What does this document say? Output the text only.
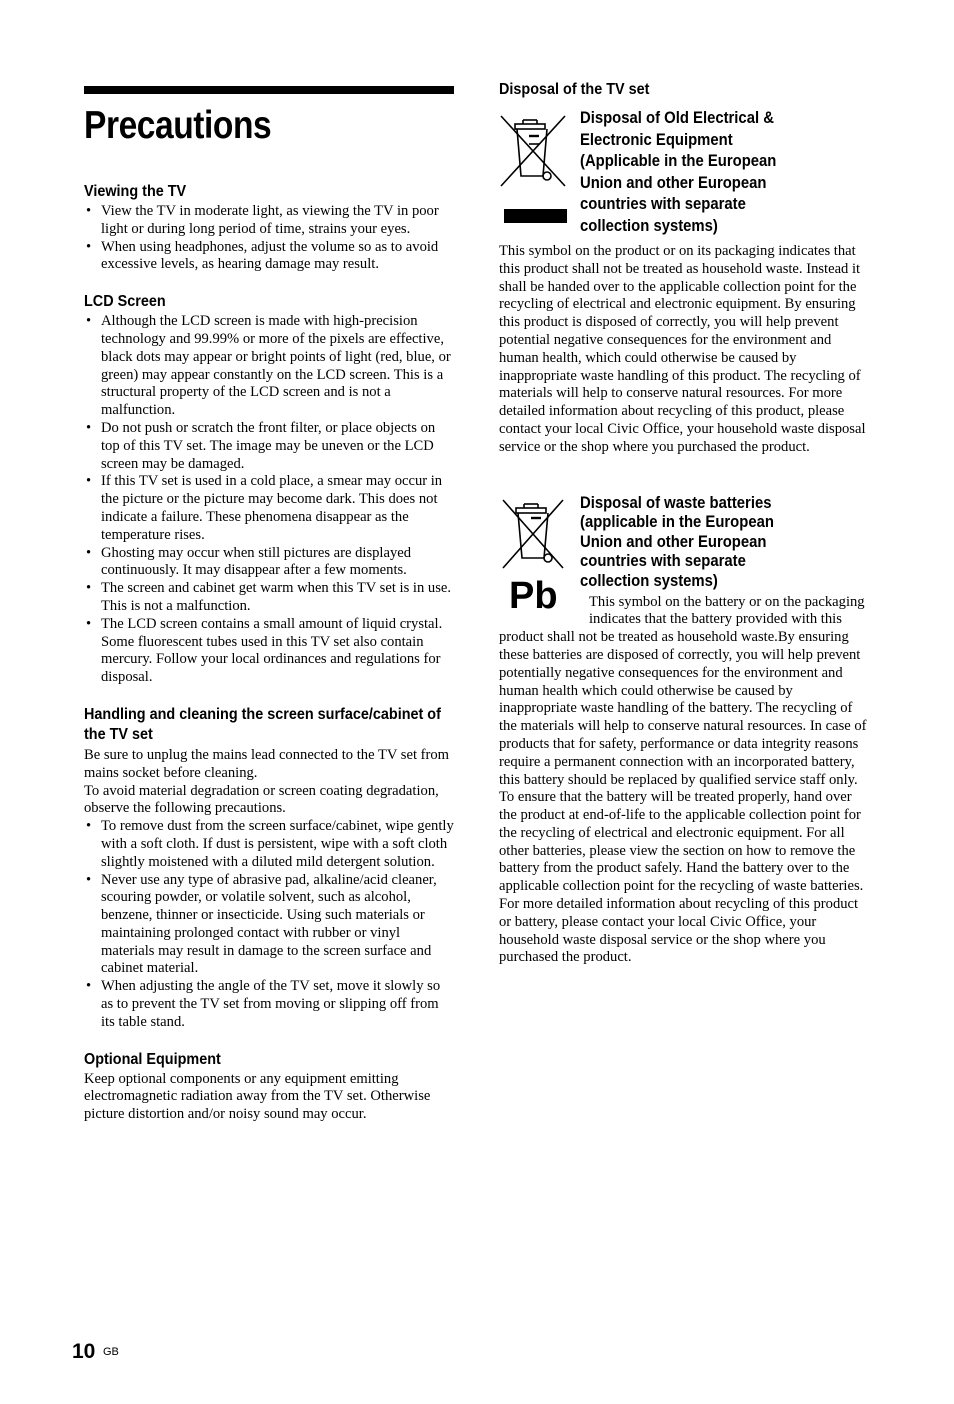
Precautions
Viewing the TV
• View the TV in moderate light, as viewing the TV in poor light or during long period of time, strains your eyes.
• When using headphones, adjust the volume so as to avoid excessive levels, as hearing damage may result.
LCD Screen
• Although the LCD screen is made with high-precision technology and 99.99% or more of the pixels are effective, black dots may appear or bright points of light (red, blue, or green) may appear constantly on the LCD screen. This is a structural property of the LCD screen and is not a malfunction.
• Do not push or scratch the front filter, or place objects on top of this TV set. The image may be uneven or the LCD screen may be damaged.
• If this TV set is used in a cold place, a smear may occur in the picture or the picture may become dark. This does not indicate a failure. These phenomena disappear as the temperature rises.
• Ghosting may occur when still pictures are displayed continuously. It may disappear after a few moments.
• The screen and cabinet get warm when this TV set is in use. This is not a malfunction.
• The LCD screen contains a small amount of liquid crystal. Some fluorescent tubes used in this TV set also contain mercury. Follow your local ordinances and regulations for disposal.
Handling and cleaning the screen surface/cabinet of the TV set

Be sure to unplug the mains lead connected to the TV set from mains socket before cleaning.

To avoid material degradation or screen coating degradation, observe the following precautions.

• To remove dust from the screen surface/cabinet, wipe gently with a soft cloth. If dust is persistent, wipe with a soft cloth slightly moistened with a diluted mild detergent solution.
• Never use any type of abrasive pad, alkaline/acid cleaner, scouring powder, or volatile solvent, such as alcohol, benzene, thinner or insecticide. Using such materials or maintaining prolonged contact with rubber or vinyl materials may result in damage to the screen surface and cabinet material.
• When adjusting the angle of the TV set, move it slowly so as to prevent the TV set from moving or slipping off from its table stand.
Optional Equipment

Keep optional components or any equipment emitting electromagnetic radiation away from the TV set. Otherwise picture distortion and/or noisy sound may occur.

Disposal of the TV set
Disposal of Old Electrical & Electronic Equipment (Applicable in the European Union and other European countries with separate collection systems)

This symbol on the product or on its packaging indicates that this product shall not be treated as household waste. Instead it shall be handed over to the applicable collection point for the recycling of electrical and electronic equipment. By ensuring this product is disposed of correctly, you will help prevent potential negative consequences for the environment and human health, which could otherwise be caused by inappropriate waste handling of this product. The recycling of materials will help to conserve natural resources. For more detailed information about recycling of this product, please contact your local Civic Office, your household waste disposal service or the shop where you purchased the product.

Pb
Disposal of waste batteries (applicable in the European Union and other European countries with separate collection systems)

This symbol on the battery or on the packaging indicates that the battery provided with this product shall not be treated as household waste.By ensuring these batteries are disposed of correctly, you will help prevent potentially negative consequences for the environment and human health which could otherwise be caused by inappropriate waste handling of the battery. The recycling of the materials will help to conserve natural resources. In case of products that for safety, performance or data integrity reasons require a permanent connection with an incorporated battery, this battery should be replaced by qualified service staff only. To ensure that the battery will be treated properly, hand over the product at end-of-life to the applicable collection point for the recycling of electrical and electronic equipment. For all other batteries, please view the section on how to remove the battery from the product safely. Hand the battery over to the applicable collection point for the recycling of waste batteries. For more detailed information about recycling of this product or battery, please contact your local Civic Office, your household waste disposal service or the shop where you purchased the product.

10 GB
